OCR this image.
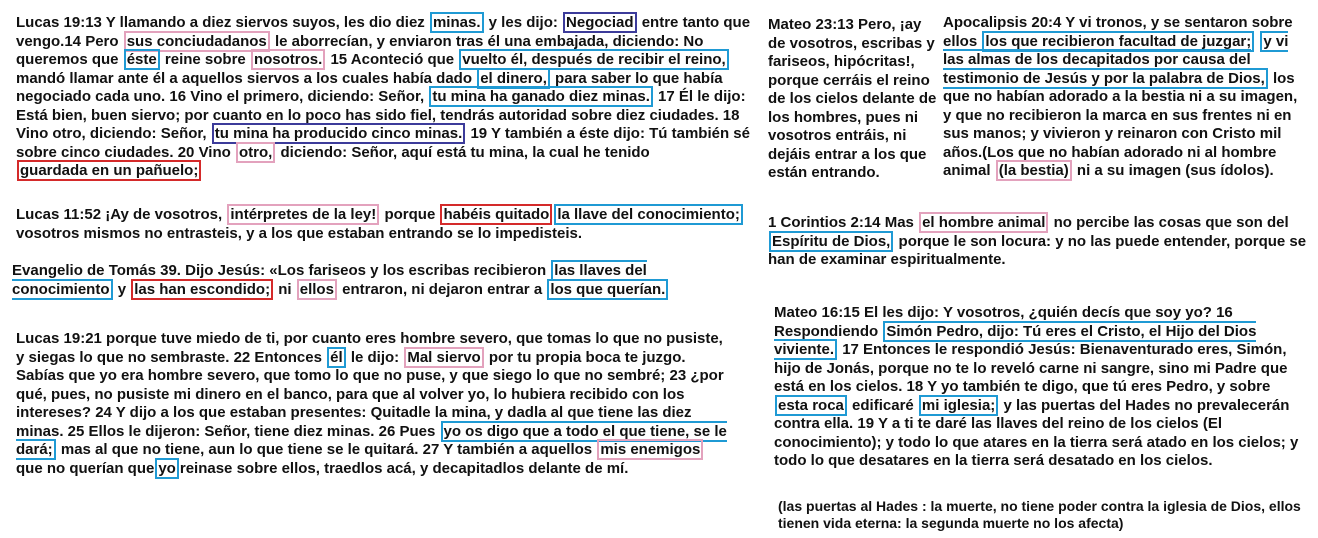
Lucas 19:13 Y llamando a diez siervos suyos, les dio diez minas. y les dijo: Negociad entre tanto que vengo.14 Pero sus conciudadanos le aborrecían, y enviaron tras él una embajada, diciendo: No queremos que éste reine sobre nosotros. 15 Aconteció que vuelto él, después de recibir el reino, mandó llamar ante él a aquellos siervos a los cuales había dado el dinero, para saber lo que había negociado cada uno. 16 Vino el primero, diciendo: Señor, tu mina ha ganado diez minas. 17 Él le dijo: Está bien, buen siervo; por cuanto en lo poco has sido fiel, tendrás autoridad sobre diez ciudades. 18 Vino otro, diciendo: Señor, tu mina ha producido cinco minas. 19 Y también a éste dijo: Tú también sé sobre cinco ciudades. 20 Vino otro, diciendo: Señor, aquí está tu mina, la cual he tenido guardada en un pañuelo;

Lucas 11:52 ¡Ay de vosotros, intérpretes de la ley! porque habéis quitado la llave del conocimiento; vosotros mismos no entrasteis, y a los que estaban entrando se lo impedisteis.

Evangelio de Tomás 39. Dijo Jesús: «Los fariseos y los escribas recibieron las llaves del conocimiento y las han escondido; ni ellos entraron, ni dejaron entrar a los que querían.

Lucas 19:21 porque tuve miedo de ti, por cuanto eres hombre severo, que tomas lo que no pusiste, y siegas lo que no sembraste. 22 Entonces él le dijo: Mal siervo por tu propia boca te juzgo. Sabías que yo era hombre severo, que tomo lo que no puse, y que siego lo que no sembré; 23 ¿por qué, pues, no pusiste mi dinero en el banco, para que al volver yo, lo hubiera recibido con los intereses? 24 Y dijo a los que estaban presentes: Quitadle la mina, y dadla al que tiene las diez minas. 25 Ellos le dijeron: Señor, tiene diez minas. 26 Pues yo os digo que a todo el que tiene, se le dará; mas al que no tiene, aun lo que tiene se le quitará. 27 Y también a aquellos mis enemigos que no querían que yo reinase sobre ellos, traedlos acá, y decapitadlos delante de mí.

Mateo 23:13 Pero, ¡ay de vosotros, escribas y fariseos, hipócritas!, porque cerráis el reino de los cielos delante de los hombres, pues ni vosotros entráis, ni dejáis entrar a los que están entrando.

Apocalipsis 20:4 Y vi tronos, y se sentaron sobre ellos los que recibieron facultad de juzgar; y vi las almas de los decapitados por causa del testimonio de Jesús y por la palabra de Dios, los que no habían adorado a la bestia ni a su imagen, y que no recibieron la marca en sus frentes ni en sus manos; y vivieron y reinaron con Cristo mil años.(Los que no habían adorado ni al hombre animal (la bestia) ni a su imagen (sus ídolos).

1 Corintios 2:14 Mas el hombre animal no percibe las cosas que son del Espíritu de Dios, porque le son locura: y no las puede entender, porque se han de examinar espiritualmente.

Mateo 16:15 El les dijo: Y vosotros, ¿quién decís que soy yo? 16 Respondiendo Simón Pedro, dijo: Tú eres el Cristo, el Hijo del Dios viviente. 17 Entonces le respondió Jesús: Bienaventurado eres, Simón, hijo de Jonás, porque no te lo reveló carne ni sangre, sino mi Padre que está en los cielos. 18 Y yo también te digo, que tú eres Pedro, y sobre esta roca edificaré mi iglesia; y las puertas del Hades no prevalecerán contra ella. 19 Y a ti te daré las llaves del reino de los cielos (El conocimiento); y todo lo que atares en la tierra será atado en los cielos; y todo lo que desatares en la tierra será desatado en los cielos.

(las puertas al Hades : la muerte, no tiene poder contra la iglesia de Dios, ellos tienen vida eterna: la segunda muerte no los afecta)
